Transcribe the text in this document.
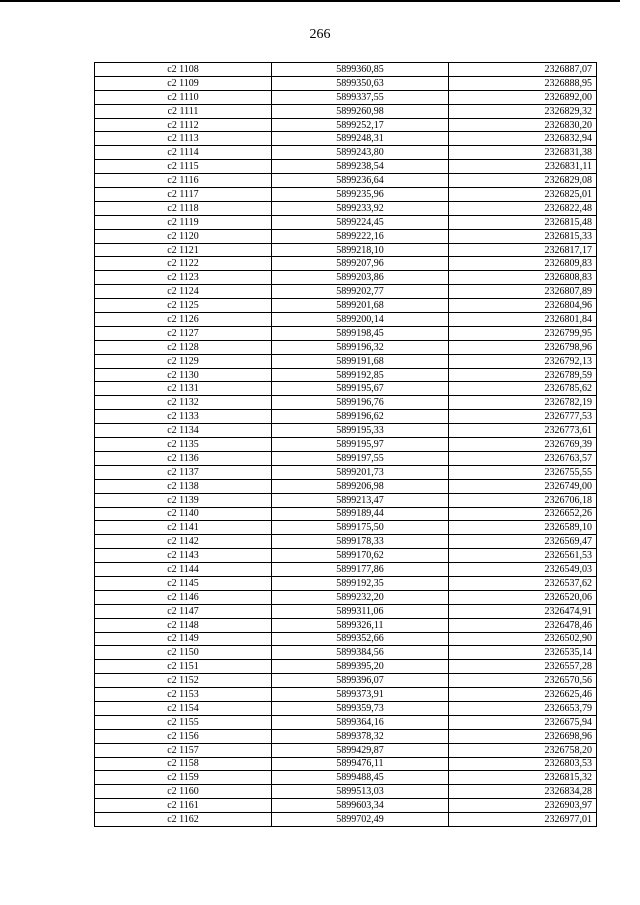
266
с2 1108	5899360,85	2326887,07
с2 1109	5899350,63	2326888,95
с2 1110	5899337,55	2326892,00
с2 1111	5899260,98	2326829,32
с2 1112	5899252,17	2326830,20
с2 1113	5899248,31	2326832,94
с2 1114	5899243,80	2326831,38
с2 1115	5899238,54	2326831,11
с2 1116	5899236,64	2326829,08
с2 1117	5899235,96	2326825,01
с2 1118	5899233,92	2326822,48
с2 1119	5899224,45	2326815,48
с2 1120	5899222,16	2326815,33
с2 1121	5899218,10	2326817,17
с2 1122	5899207,96	2326809,83
с2 1123	5899203,86	2326808,83
с2 1124	5899202,77	2326807,89
с2 1125	5899201,68	2326804,96
с2 1126	5899200,14	2326801,84
с2 1127	5899198,45	2326799,95
с2 1128	5899196,32	2326798,96
с2 1129	5899191,68	2326792,13
с2 1130	5899192,85	2326789,59
с2 1131	5899195,67	2326785,62
с2 1132	5899196,76	2326782,19
с2 1133	5899196,62	2326777,53
с2 1134	5899195,33	2326773,61
с2 1135	5899195,97	2326769,39
с2 1136	5899197,55	2326763,57
с2 1137	5899201,73	2326755,55
с2 1138	5899206,98	2326749,00
с2 1139	5899213,47	2326706,18
с2 1140	5899189,44	2326652,26
с2 1141	5899175,50	2326589,10
с2 1142	5899178,33	2326569,47
с2 1143	5899170,62	2326561,53
с2 1144	5899177,86	2326549,03
с2 1145	5899192,35	2326537,62
с2 1146	5899232,20	2326520,06
с2 1147	5899311,06	2326474,91
с2 1148	5899326,11	2326478,46
с2 1149	5899352,66	2326502,90
с2 1150	5899384,56	2326535,14
с2 1151	5899395,20	2326557,28
с2 1152	5899396,07	2326570,56
с2 1153	5899373,91	2326625,46
с2 1154	5899359,73	2326653,79
с2 1155	5899364,16	2326675,94
с2 1156	5899378,32	2326698,96
с2 1157	5899429,87	2326758,20
с2 1158	5899476,11	2326803,53
с2 1159	5899488,45	2326815,32
с2 1160	5899513,03	2326834,28
с2 1161	5899603,34	2326903,97
с2 1162	5899702,49	2326977,01
